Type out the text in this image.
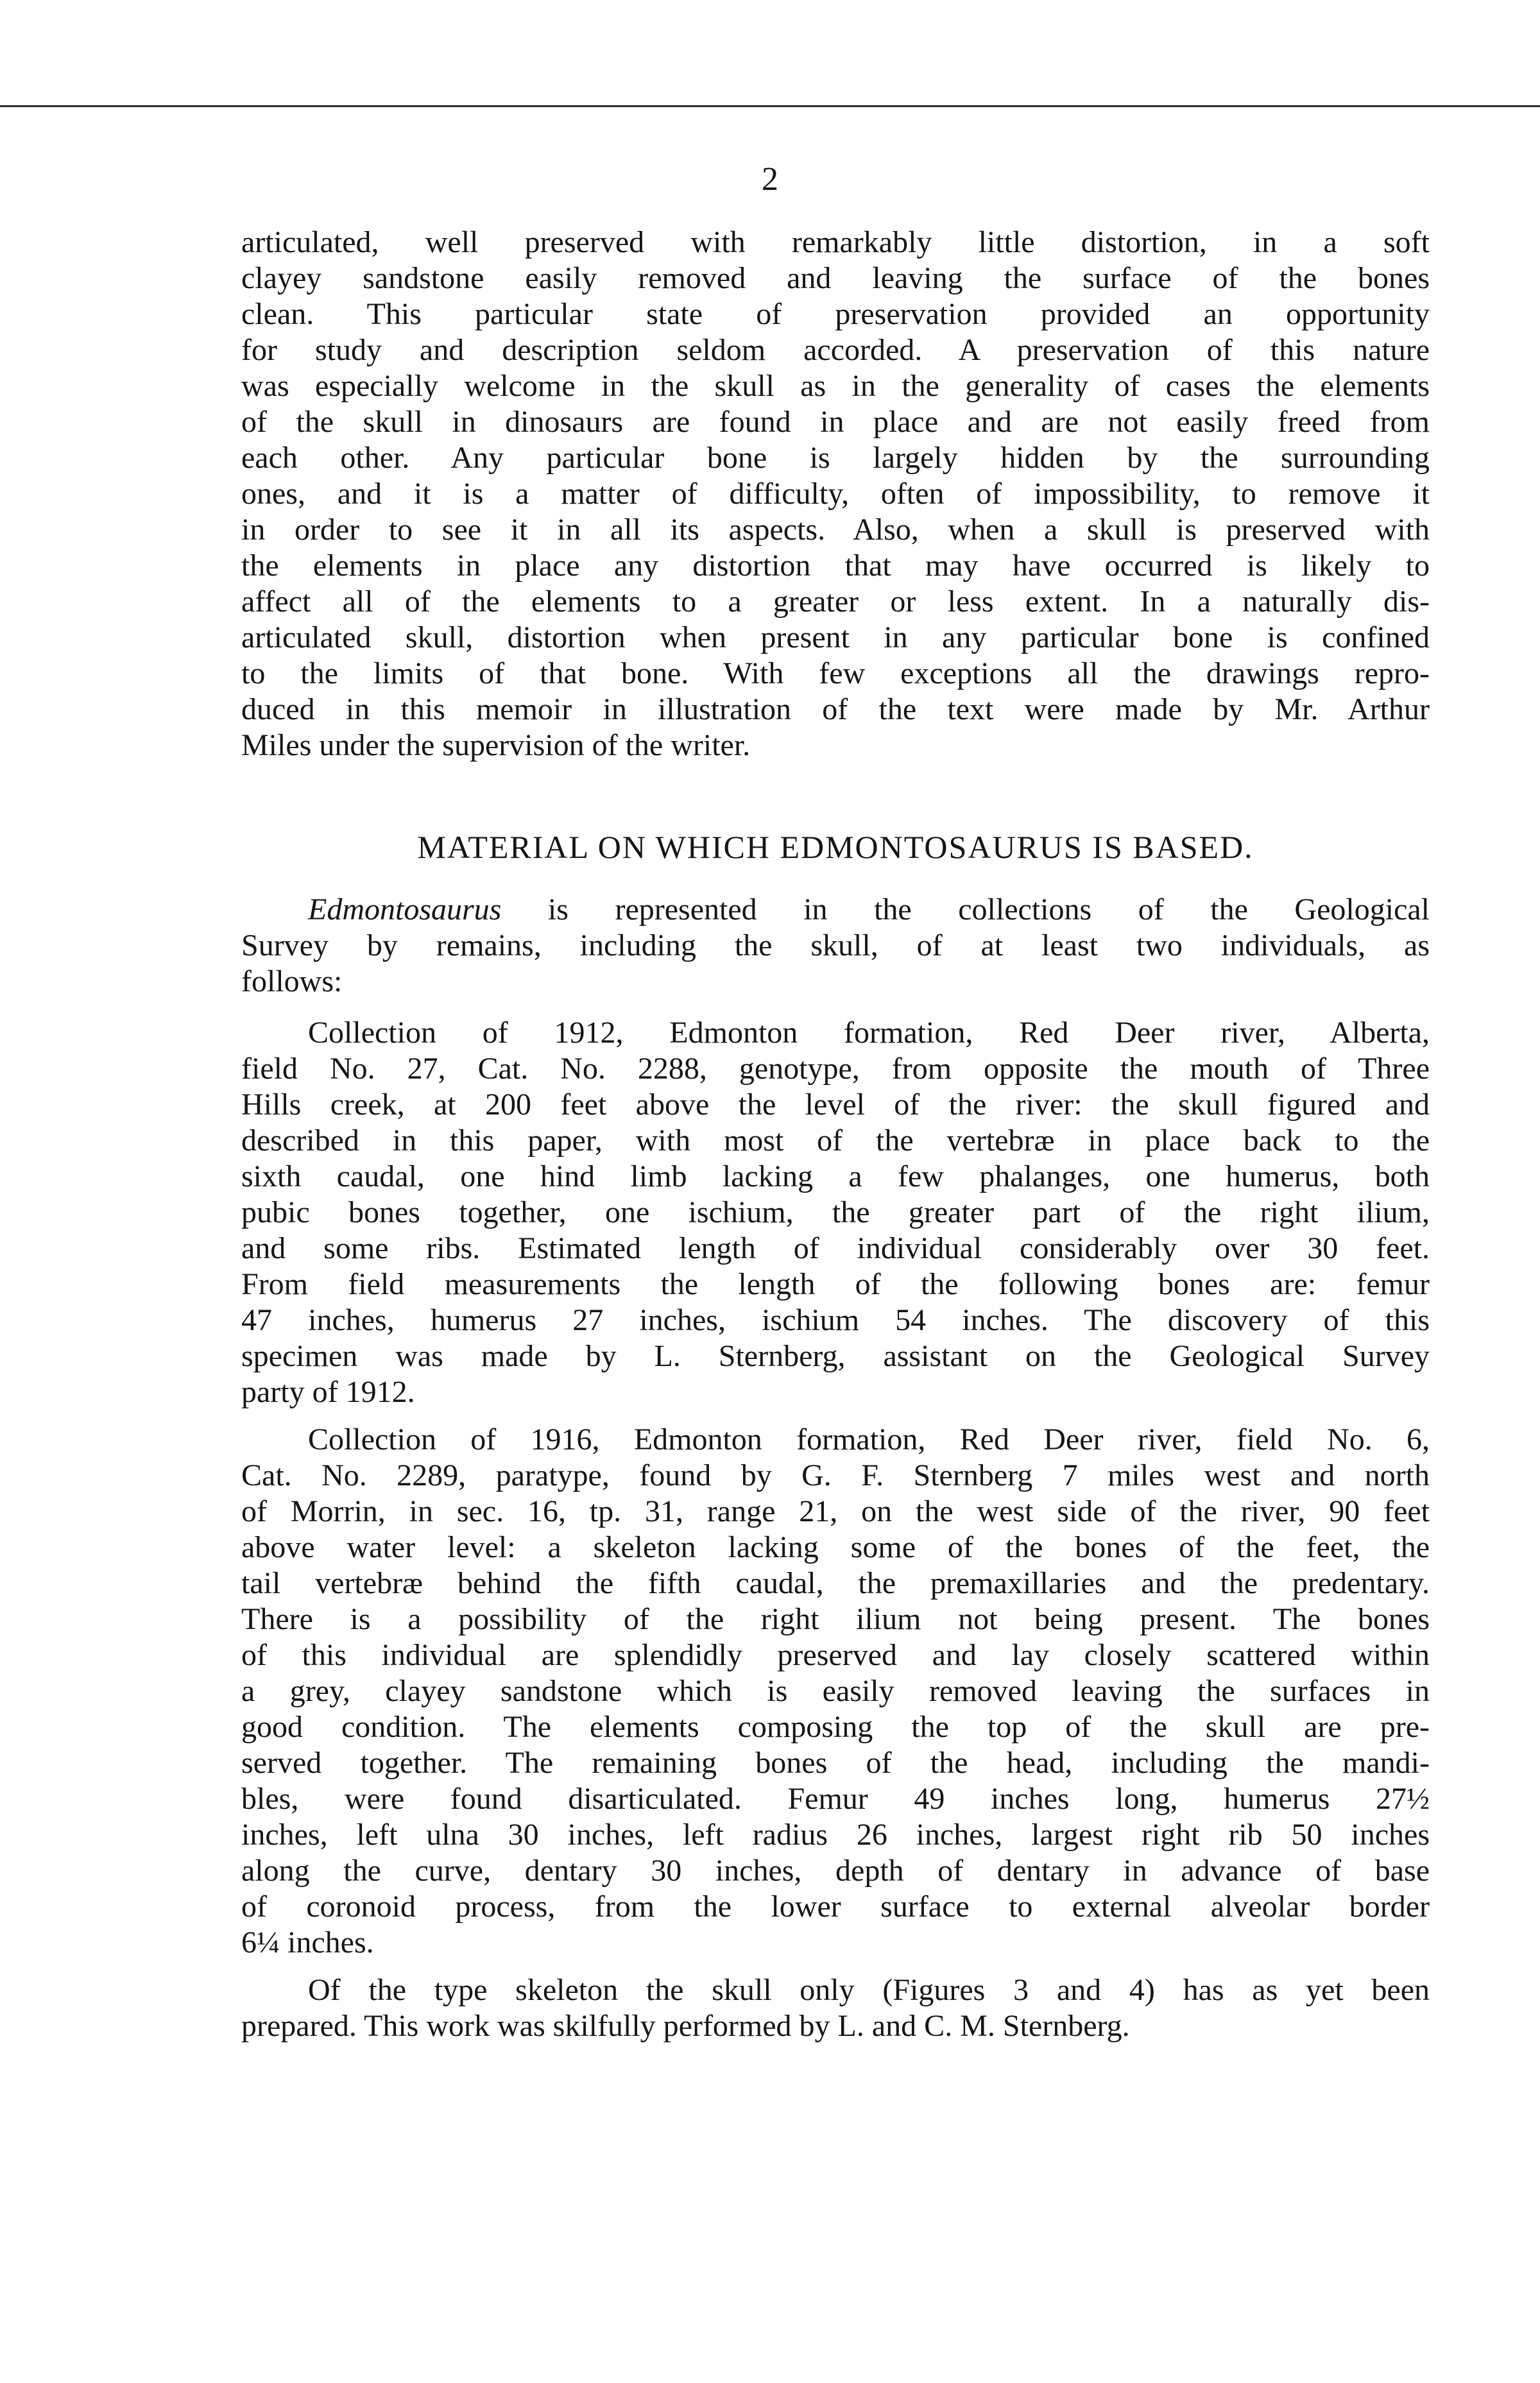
2
articulated, well preserved with remarkably little distortion, in a soft
clayey sandstone easily removed and leaving the surface of the bones
clean. This particular state of preservation provided an opportunity
for study and description seldom accorded. A preservation of this nature
was especially welcome in the skull as in the generality of cases the elements
of the skull in dinosaurs are found in place and are not easily freed from
each other. Any particular bone is largely hidden by the surrounding
ones, and it is a matter of difficulty, often of impossibility, to remove it
in order to see it in all its aspects. Also, when a skull is preserved with
the elements in place any distortion that may have occurred is likely to
affect all of the elements to a greater or less extent. In a naturally dis-
articulated skull, distortion when present in any particular bone is confined
to the limits of that bone. With few exceptions all the drawings repro-
duced in this memoir in illustration of the text were made by Mr. Arthur
Miles under the supervision of the writer.
MATERIAL ON WHICH EDMONTOSAURUS IS BASED.
Edmontosaurus is represented in the collections of the Geological
Survey by remains, including the skull, of at least two individuals, as
follows:
Collection of 1912, Edmonton formation, Red Deer river, Alberta,
field No. 27, Cat. No. 2288, genotype, from opposite the mouth of Three
Hills creek, at 200 feet above the level of the river: the skull figured and
described in this paper, with most of the vertebræ in place back to the
sixth caudal, one hind limb lacking a few phalanges, one humerus, both
pubic bones together, one ischium, the greater part of the right ilium,
and some ribs. Estimated length of individual considerably over 30 feet.
From field measurements the length of the following bones are: femur
47 inches, humerus 27 inches, ischium 54 inches. The discovery of this
specimen was made by L. Sternberg, assistant on the Geological Survey
party of 1912.
Collection of 1916, Edmonton formation, Red Deer river, field No. 6,
Cat. No. 2289, paratype, found by G. F. Sternberg 7 miles west and north
of Morrin, in sec. 16, tp. 31, range 21, on the west side of the river, 90 feet
above water level: a skeleton lacking some of the bones of the feet, the
tail vertebræ behind the fifth caudal, the premaxillaries and the predentary.
There is a possibility of the right ilium not being present. The bones
of this individual are splendidly preserved and lay closely scattered within
a grey, clayey sandstone which is easily removed leaving the surfaces in
good condition. The elements composing the top of the skull are pre-
served together. The remaining bones of the head, including the mandi-
bles, were found disarticulated. Femur 49 inches long, humerus 27½
inches, left ulna 30 inches, left radius 26 inches, largest right rib 50 inches
along the curve, dentary 30 inches, depth of dentary in advance of base
of coronoid process, from the lower surface to external alveolar border
6¼ inches.
Of the type skeleton the skull only (Figures 3 and 4) has as yet been
prepared. This work was skilfully performed by L. and C. M. Sternberg.
